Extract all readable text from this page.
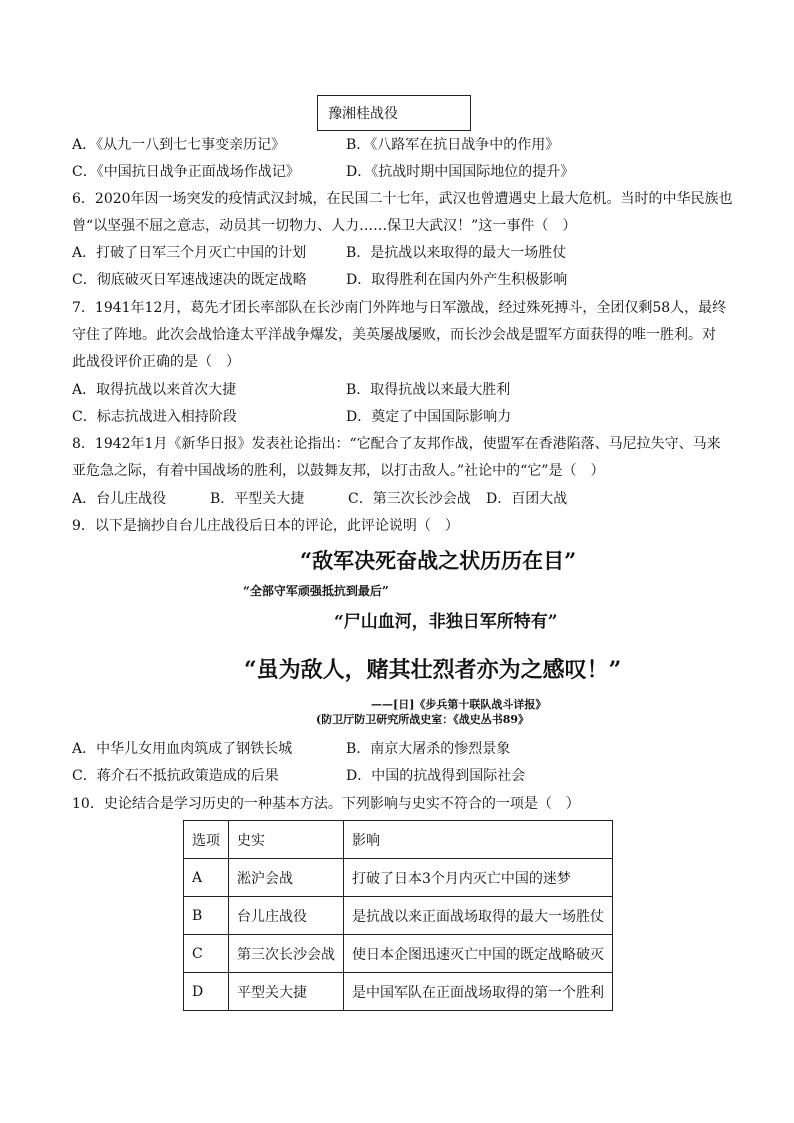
豫湘桂战役
A．《从九一八到七七事变亲历记》	B．《八路军在抗日战争中的作用》
C．《中国抗日战争正面战场作战记》	D．《抗战时期中国国际地位的提升》
6．2020年因一场突发的疫情武汉封城，在民国二十七年，武汉也曾遭遇史上最大危机。当时的中华民族也
曾“以坚强不屈之意志，动员其一切物力、人力……保卫大武汉！”这一事件（　）
A．打破了日军三个月灭亡中国的计划	B．是抗战以来取得的最大一场胜仗
C．彻底破灭日军速战速决的既定战略	D．取得胜利在国内外产生积极影响
7．1941年12月，葛先才团长率部队在长沙南门外阵地与日军激战，经过殊死搏斗，全团仅剩58人，最终
守住了阵地。此次会战恰逢太平洋战争爆发，美英屡战屡败，而长沙会战是盟军方面获得的唯一胜利。对
此战役评价正确的是（　）
A．取得抗战以来首次大捷	B．取得抗战以来最大胜利
C．标志抗战进入相持阶段	D．奠定了中国国际影响力
8．1942年1月《新华日报》发表社论指出：“它配合了友邦作战，使盟军在香港陷落、马尼拉失守、马来
亚危急之际，有着中国战场的胜利，以鼓舞友邦，以打击敌人。”社论中的“它”是（　）
A．台儿庄战役	B．平型关大捷	C．第三次长沙会战 D．百团大战
9．以下是摘抄自台儿庄战役后日本的评论，此评论说明（　）
“敌军决死奋战之状历历在目”
“全部守军顽强抵抗到最后”
“尸山血河，非独日军所特有”
“虽为敌人，赌其壮烈者亦为之感叹！”
——[日]《步兵第十联队战斗详报》
(防卫厅防卫研究所战史室：《战史丛书89》
A．中华儿女用血肉筑成了钢铁长城	B．南京大屠杀的惨烈景象
C．蒋介石不抵抗政策造成的后果	D．中国的抗战得到国际社会
10．史论结合是学习历史的一种基本方法。下列影响与史实不符合的一项是（　）
选项	史实	影响
A	淞沪会战	打破了日本3个月内灭亡中国的迷梦
B	台儿庄战役	是抗战以来正面战场取得的最大一场胜仗
C	第三次长沙会战	使日本企图迅速灭亡中国的既定战略破灭
D	平型关大捷	是中国军队在正面战场取得的第一个胜利
